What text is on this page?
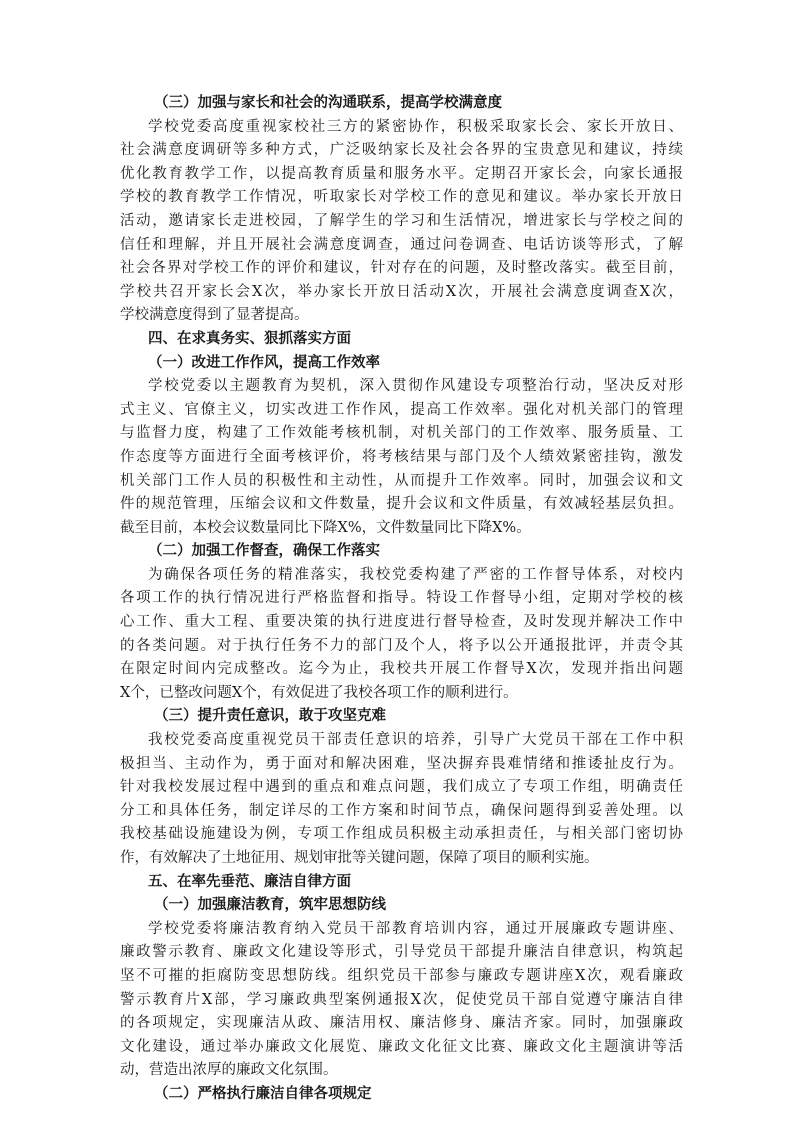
（三）加强与家长和社会的沟通联系，提高学校满意度
学校党委高度重视家校社三方的紧密协作，积极采取家长会、家长开放日、
社会满意度调研等多种方式，广泛吸纳家长及社会各界的宝贵意见和建议，持续
优化教育教学工作，以提高教育质量和服务水平。定期召开家长会，向家长通报
学校的教育教学工作情况，听取家长对学校工作的意见和建议。举办家长开放日
活动，邀请家长走进校园，了解学生的学习和生活情况，增进家长与学校之间的
信任和理解，并且开展社会满意度调查，通过问卷调查、电话访谈等形式，了解
社会各界对学校工作的评价和建议，针对存在的问题，及时整改落实。截至目前，
学校共召开家长会X次，举办家长开放日活动X次，开展社会满意度调查X次，
学校满意度得到了显著提高。
四、在求真务实、狠抓落实方面
（一）改进工作作风，提高工作效率
学校党委以主题教育为契机，深入贯彻作风建设专项整治行动，坚决反对形
式主义、官僚主义，切实改进工作作风，提高工作效率。强化对机关部门的管理
与监督力度，构建了工作效能考核机制，对机关部门的工作效率、服务质量、工
作态度等方面进行全面考核评价，将考核结果与部门及个人绩效紧密挂钩，激发
机关部门工作人员的积极性和主动性，从而提升工作效率。同时，加强会议和文
件的规范管理，压缩会议和文件数量，提升会议和文件质量，有效减轻基层负担。
截至目前，本校会议数量同比下降X%，文件数量同比下降X%。
（二）加强工作督查，确保工作落实
为确保各项任务的精准落实，我校党委构建了严密的工作督导体系，对校内
各项工作的执行情况进行严格监督和指导。特设工作督导小组，定期对学校的核
心工作、重大工程、重要决策的执行进度进行督导检查，及时发现并解决工作中
的各类问题。对于执行任务不力的部门及个人，将予以公开通报批评，并责令其
在限定时间内完成整改。迄今为止，我校共开展工作督导X次，发现并指出问题
X个，已整改问题X个，有效促进了我校各项工作的顺利进行。
（三）提升责任意识，敢于攻坚克难
我校党委高度重视党员干部责任意识的培养，引导广大党员干部在工作中积
极担当、主动作为，勇于面对和解决困难，坚决摒弃畏难情绪和推诿扯皮行为。
针对我校发展过程中遇到的重点和难点问题，我们成立了专项工作组，明确责任
分工和具体任务，制定详尽的工作方案和时间节点，确保问题得到妥善处理。以
我校基础设施建设为例，专项工作组成员积极主动承担责任，与相关部门密切协
作，有效解决了土地征用、规划审批等关键问题，保障了项目的顺利实施。
五、在率先垂范、廉洁自律方面
（一）加强廉洁教育，筑牢思想防线
学校党委将廉洁教育纳入党员干部教育培训内容，通过开展廉政专题讲座、
廉政警示教育、廉政文化建设等形式，引导党员干部提升廉洁自律意识，构筑起
坚不可摧的拒腐防变思想防线。组织党员干部参与廉政专题讲座X次，观看廉政
警示教育片X部，学习廉政典型案例通报X次，促使党员干部自觉遵守廉洁自律
的各项规定，实现廉洁从政、廉洁用权、廉洁修身、廉洁齐家。同时，加强廉政
文化建设，通过举办廉政文化展览、廉政文化征文比赛、廉政文化主题演讲等活
动，营造出浓厚的廉政文化氛围。
（二）严格执行廉洁自律各项规定
